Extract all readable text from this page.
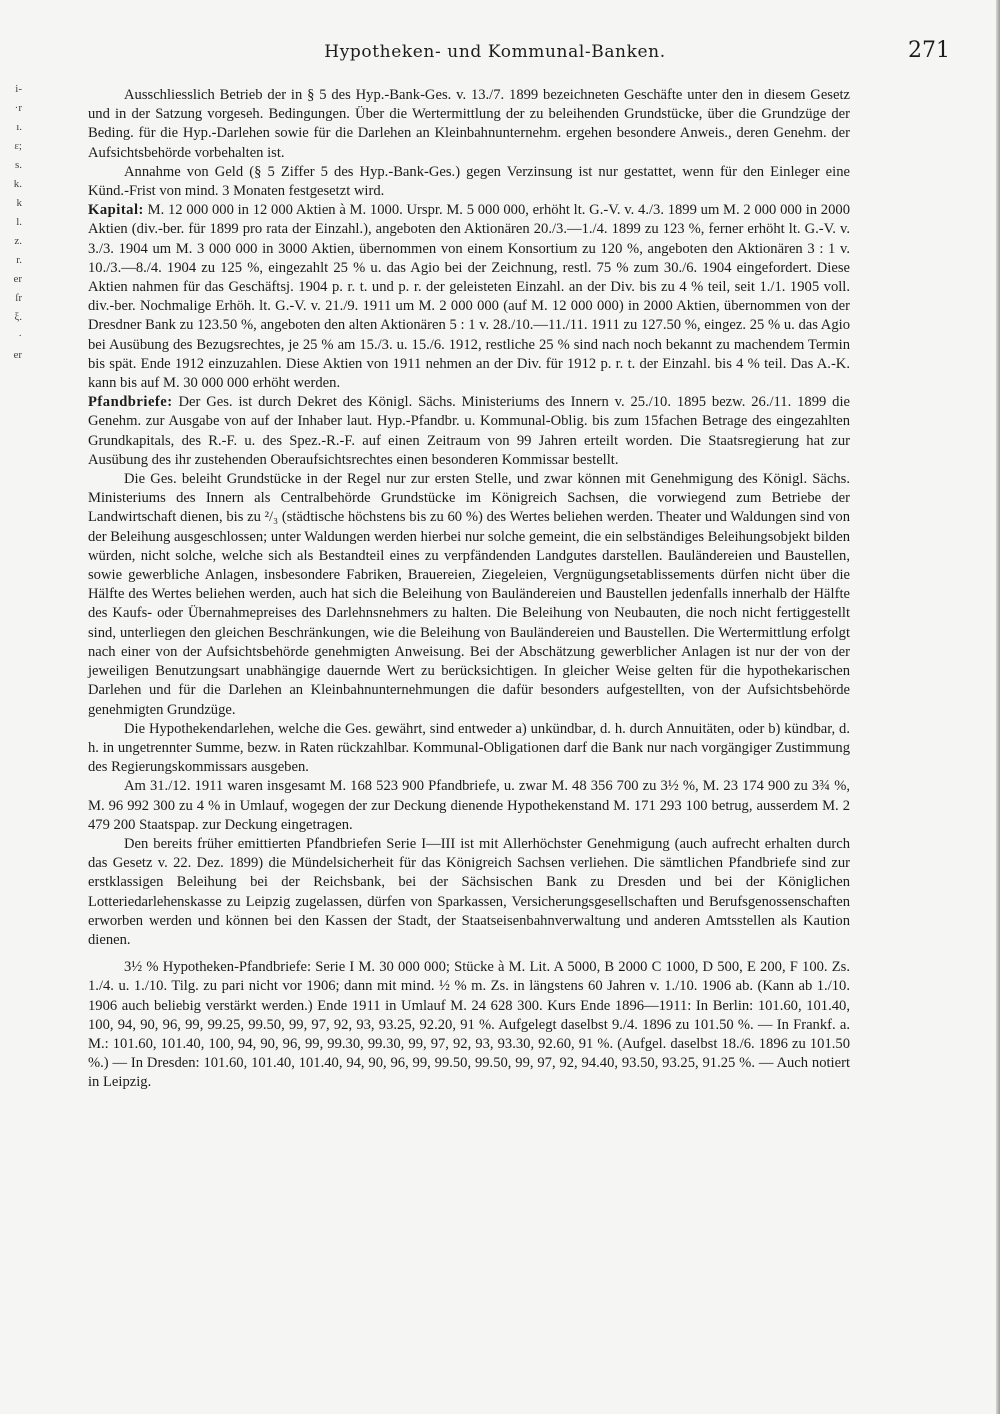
i-
·r
ı.
ε;
s.
k.
k
l.
z.
r.
er
ſr
ξ.
·
er
Hypotheken- und Kommunal-Banken.	271

Ausschliesslich Betrieb der in § 5 des Hyp.-Bank-Ges. v. 13./7. 1899 bezeichneten Geschäfte unter den in diesem Gesetz und in der Satzung vorgeseh. Bedingungen. Über die Wertermittlung der zu beleihenden Grundstücke, über die Grundzüge der Beding. für die Hyp.-Darlehen sowie für die Darlehen an Kleinbahnunternehm. ergehen besondere Anweis., deren Genehm. der Aufsichtsbehörde vorbehalten ist.

Annahme von Geld (§ 5 Ziffer 5 des Hyp.-Bank-Ges.) gegen Verzinsung ist nur gestattet, wenn für den Einleger eine Künd.-Frist von mind. 3 Monaten festgesetzt wird.

Kapital: M. 12 000 000 in 12 000 Aktien à M. 1000. Urspr. M. 5 000 000, erhöht lt. G.-V. v. 4./3. 1899 um M. 2 000 000 in 2000 Aktien (div.-ber. für 1899 pro rata der Einzahl.), angeboten den Aktionären 20./3.—1./4. 1899 zu 123 %, ferner erhöht lt. G.-V. v. 3./3. 1904 um M. 3 000 000 in 3000 Aktien, übernommen von einem Konsortium zu 120 %, angeboten den Aktionären 3 : 1 v. 10./3.—8./4. 1904 zu 125 %, eingezahlt 25 % u. das Agio bei der Zeichnung, restl. 75 % zum 30./6. 1904 eingefordert. Diese Aktien nahmen für das Geschäftsj. 1904 p. r. t. und p. r. der geleisteten Einzahl. an der Div. bis zu 4 % teil, seit 1./1. 1905 voll. div.-ber. Nochmalige Erhöh. lt. G.-V. v. 21./9. 1911 um M. 2 000 000 (auf M. 12 000 000) in 2000 Aktien, übernommen von der Dresdner Bank zu 123.50 %, angeboten den alten Aktionären 5 : 1 v. 28./10.—11./11. 1911 zu 127.50 %, eingez. 25 % u. das Agio bei Ausübung des Bezugsrechtes, je 25 % am 15./3. u. 15./6. 1912, restliche 25 % sind nach noch bekannt zu machendem Termin bis spät. Ende 1912 einzuzahlen. Diese Aktien von 1911 nehmen an der Div. für 1912 p. r. t. der Einzahl. bis 4 % teil. Das A.-K. kann bis auf M. 30 000 000 erhöht werden.

Pfandbriefe: Der Ges. ist durch Dekret des Königl. Sächs. Ministeriums des Innern v. 25./10. 1895 bezw. 26./11. 1899 die Genehm. zur Ausgabe von auf der Inhaber laut. Hyp.-Pfandbr. u. Kommunal-Oblig. bis zum 15fachen Betrage des eingezahlten Grundkapitals, des R.-F. u. des Spez.-R.-F. auf einen Zeitraum von 99 Jahren erteilt worden. Die Staatsregierung hat zur Ausübung des ihr zustehenden Oberaufsichtsrechtes einen besonderen Kommissar bestellt.

Die Ges. beleiht Grundstücke in der Regel nur zur ersten Stelle, und zwar können mit Genehmigung des Königl. Sächs. Ministeriums des Innern als Centralbehörde Grundstücke im Königreich Sachsen, die vorwiegend zum Betriebe der Landwirtschaft dienen, bis zu ²/₃ (städtische höchstens bis zu 60 %) des Wertes beliehen werden. Theater und Waldungen sind von der Beleihung ausgeschlossen; unter Waldungen werden hierbei nur solche gemeint, die ein selbständiges Beleihungsobjekt bilden würden, nicht solche, welche sich als Bestandteil eines zu verpfändenden Landgutes darstellen. Bauländereien und Baustellen, sowie gewerbliche Anlagen, insbesondere Fabriken, Brauereien, Ziegeleien, Vergnügungsetablissements dürfen nicht über die Hälfte des Wertes beliehen werden, auch hat sich die Beleihung von Bauländereien und Baustellen jedenfalls innerhalb der Hälfte des Kaufs- oder Übernahmepreises des Darlehnsnehmers zu halten. Die Beleihung von Neubauten, die noch nicht fertiggestellt sind, unterliegen den gleichen Beschränkungen, wie die Beleihung von Bauländereien und Baustellen. Die Wertermittlung erfolgt nach einer von der Aufsichtsbehörde genehmigten Anweisung. Bei der Abschätzung gewerblicher Anlagen ist nur der von der jeweiligen Benutzungsart unabhängige dauernde Wert zu berücksichtigen. In gleicher Weise gelten für die hypothekarischen Darlehen und für die Darlehen an Kleinbahnunternehmungen die dafür besonders aufgestellten, von der Aufsichtsbehörde genehmigten Grundzüge.

Die Hypothekendarlehen, welche die Ges. gewährt, sind entweder a) unkündbar, d. h. durch Annuitäten, oder b) kündbar, d. h. in ungetrennter Summe, bezw. in Raten rückzahlbar. Kommunal-Obligationen darf die Bank nur nach vorgängiger Zustimmung des Regierungskommissars ausgeben.

Am 31./12. 1911 waren insgesamt M. 168 523 900 Pfandbriefe, u. zwar M. 48 356 700 zu 3½ %, M. 23 174 900 zu 3¾ %, M. 96 992 300 zu 4 % in Umlauf, wogegen der zur Deckung dienende Hypothekenstand M. 171 293 100 betrug, ausserdem M. 2 479 200 Staatspap. zur Deckung eingetragen.

Den bereits früher emittierten Pfandbriefen Serie I—III ist mit Allerhöchster Genehmigung (auch aufrecht erhalten durch das Gesetz v. 22. Dez. 1899) die Mündelsicherheit für das Königreich Sachsen verliehen. Die sämtlichen Pfandbriefe sind zur erstklassigen Beleihung bei der Reichsbank, bei der Sächsischen Bank zu Dresden und bei der Königlichen Lotteriedarlehenskasse zu Leipzig zugelassen, dürfen von Sparkassen, Versicherungsgesellschaften und Berufsgenossenschaften erworben werden und können bei den Kassen der Stadt, der Staatseisenbahnverwaltung und anderen Amtsstellen als Kaution dienen.

3½ % Hypotheken-Pfandbriefe: Serie I M. 30 000 000; Stücke à M. Lit. A 5000, B 2000 C 1000, D 500, E 200, F 100. Zs. 1./4. u. 1./10. Tilg. zu pari nicht vor 1906; dann mit mind. ½ % m. Zs. in längstens 60 Jahren v. 1./10. 1906 ab. (Kann ab 1./10. 1906 auch beliebig verstärkt werden.) Ende 1911 in Umlauf M. 24 628 300. Kurs Ende 1896—1911: In Berlin: 101.60, 101.40, 100, 94, 90, 96, 99, 99.25, 99.50, 99, 97, 92, 93, 93.25, 92.20, 91 %. Aufgelegt daselbst 9./4. 1896 zu 101.50 %. — In Frankf. a. M.: 101.60, 101.40, 100, 94, 90, 96, 99, 99.30, 99.30, 99, 97, 92, 93, 93.30, 92.60, 91 %. (Aufgel. daselbst 18./6. 1896 zu 101.50 %.) — In Dresden: 101.60, 101.40, 101.40, 94, 90, 96, 99, 99.50, 99.50, 99, 97, 92, 94.40, 93.50, 93.25, 91.25 %. — Auch notiert in Leipzig.
